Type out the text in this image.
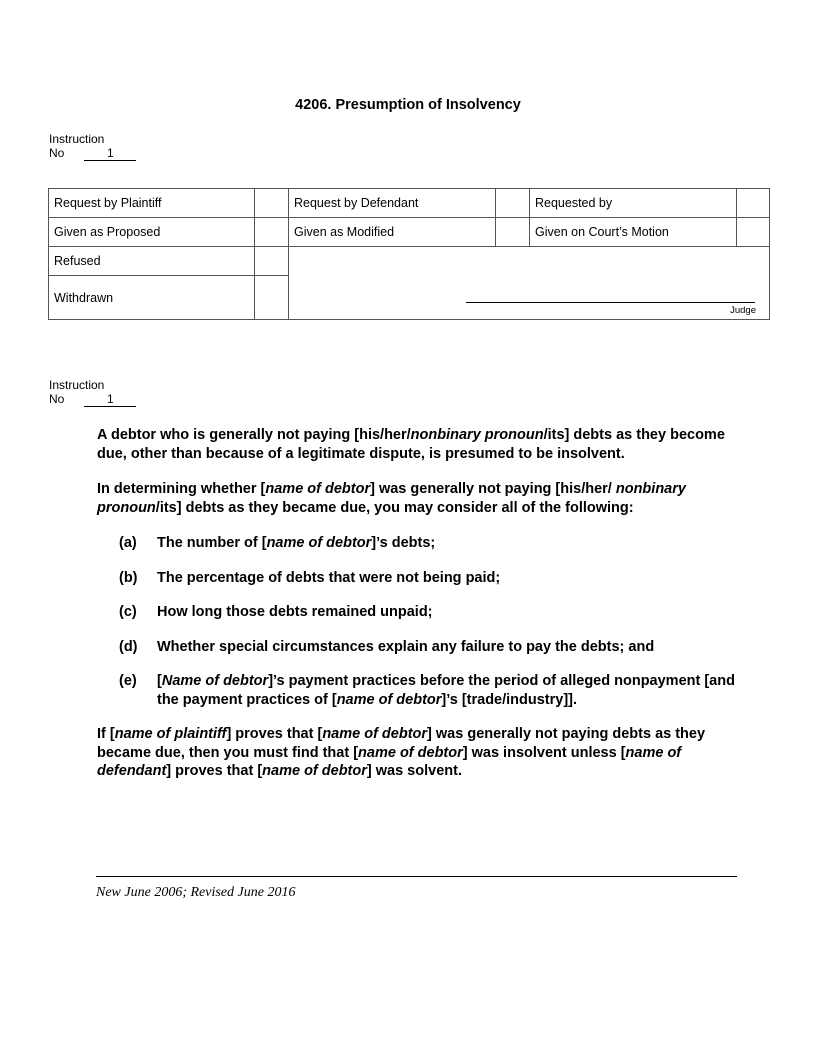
4206. Presumption of Insolvency
Instruction
No	1
Request by Plaintiff		Request by Defendant		Requested by	
Given as Proposed		Given as Modified		Given on Court’s Motion	
Refused		Judge			

Withdrawn					
Instruction
No	1

A debtor who is generally not paying [his/her/nonbinary pronoun/its] debts as they become due, other than because of a legitimate dispute, is presumed to be insolvent.

In determining whether [name of debtor] was generally not paying [his/her/ nonbinary pronoun/its] debts as they became due, you may consider all of the following:

(a)	The number of [name of debtor]’s debts;
(b)	The percentage of debts that were not being paid;
(c)	How long those debts remained unpaid;
(d)	Whether special circumstances explain any failure to pay the debts; and
(e)	[Name of debtor]’s payment practices before the period of alleged nonpayment [and the payment practices of [name of debtor]’s [trade/industry]].

If [name of plaintiff] proves that [name of debtor] was generally not paying debts as they became due, then you must find that [name of debtor] was insolvent unless [name of defendant] proves that [name of debtor] was solvent.

New June 2006; Revised June 2016
